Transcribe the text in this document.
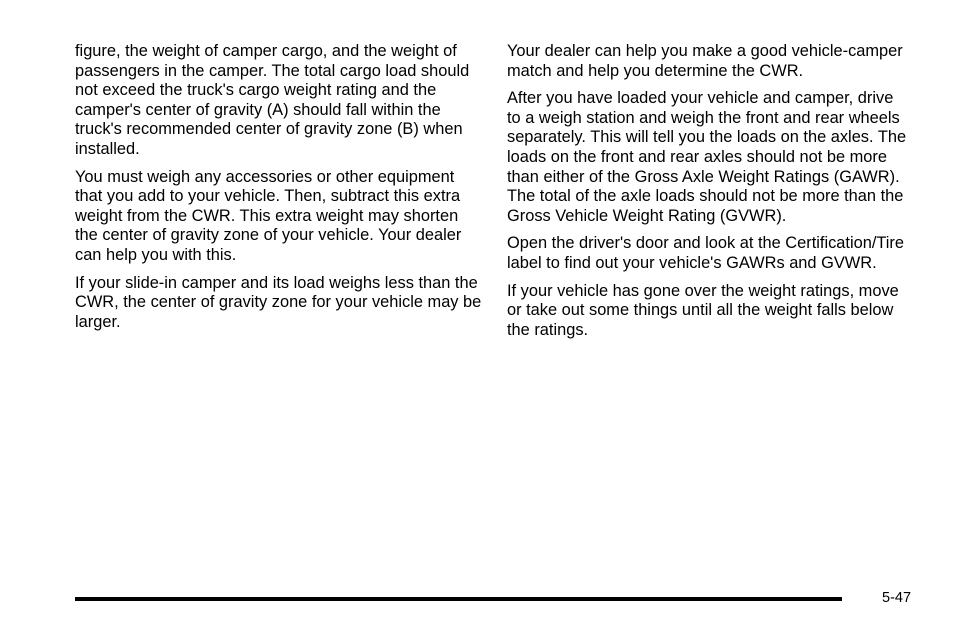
figure, the weight of camper cargo, and the weight of passengers in the camper. The total cargo load should not exceed the truck's cargo weight rating and the camper's center of gravity (A) should fall within the truck's recommended center of gravity zone (B) when installed.

You must weigh any accessories or other equipment that you add to your vehicle. Then, subtract this extra weight from the CWR. This extra weight may shorten the center of gravity zone of your vehicle. Your dealer can help you with this.

If your slide-in camper and its load weighs less than the CWR, the center of gravity zone for your vehicle may be larger.

Your dealer can help you make a good vehicle-camper match and help you determine the CWR.

After you have loaded your vehicle and camper, drive to a weigh station and weigh the front and rear wheels separately. This will tell you the loads on the axles. The loads on the front and rear axles should not be more than either of the Gross Axle Weight Ratings (GAWR). The total of the axle loads should not be more than the Gross Vehicle Weight Rating (GVWR).

Open the driver's door and look at the Certification/Tire label to find out your vehicle's GAWRs and GVWR.

If your vehicle has gone over the weight ratings, move or take out some things until all the weight falls below the ratings.

5-47
